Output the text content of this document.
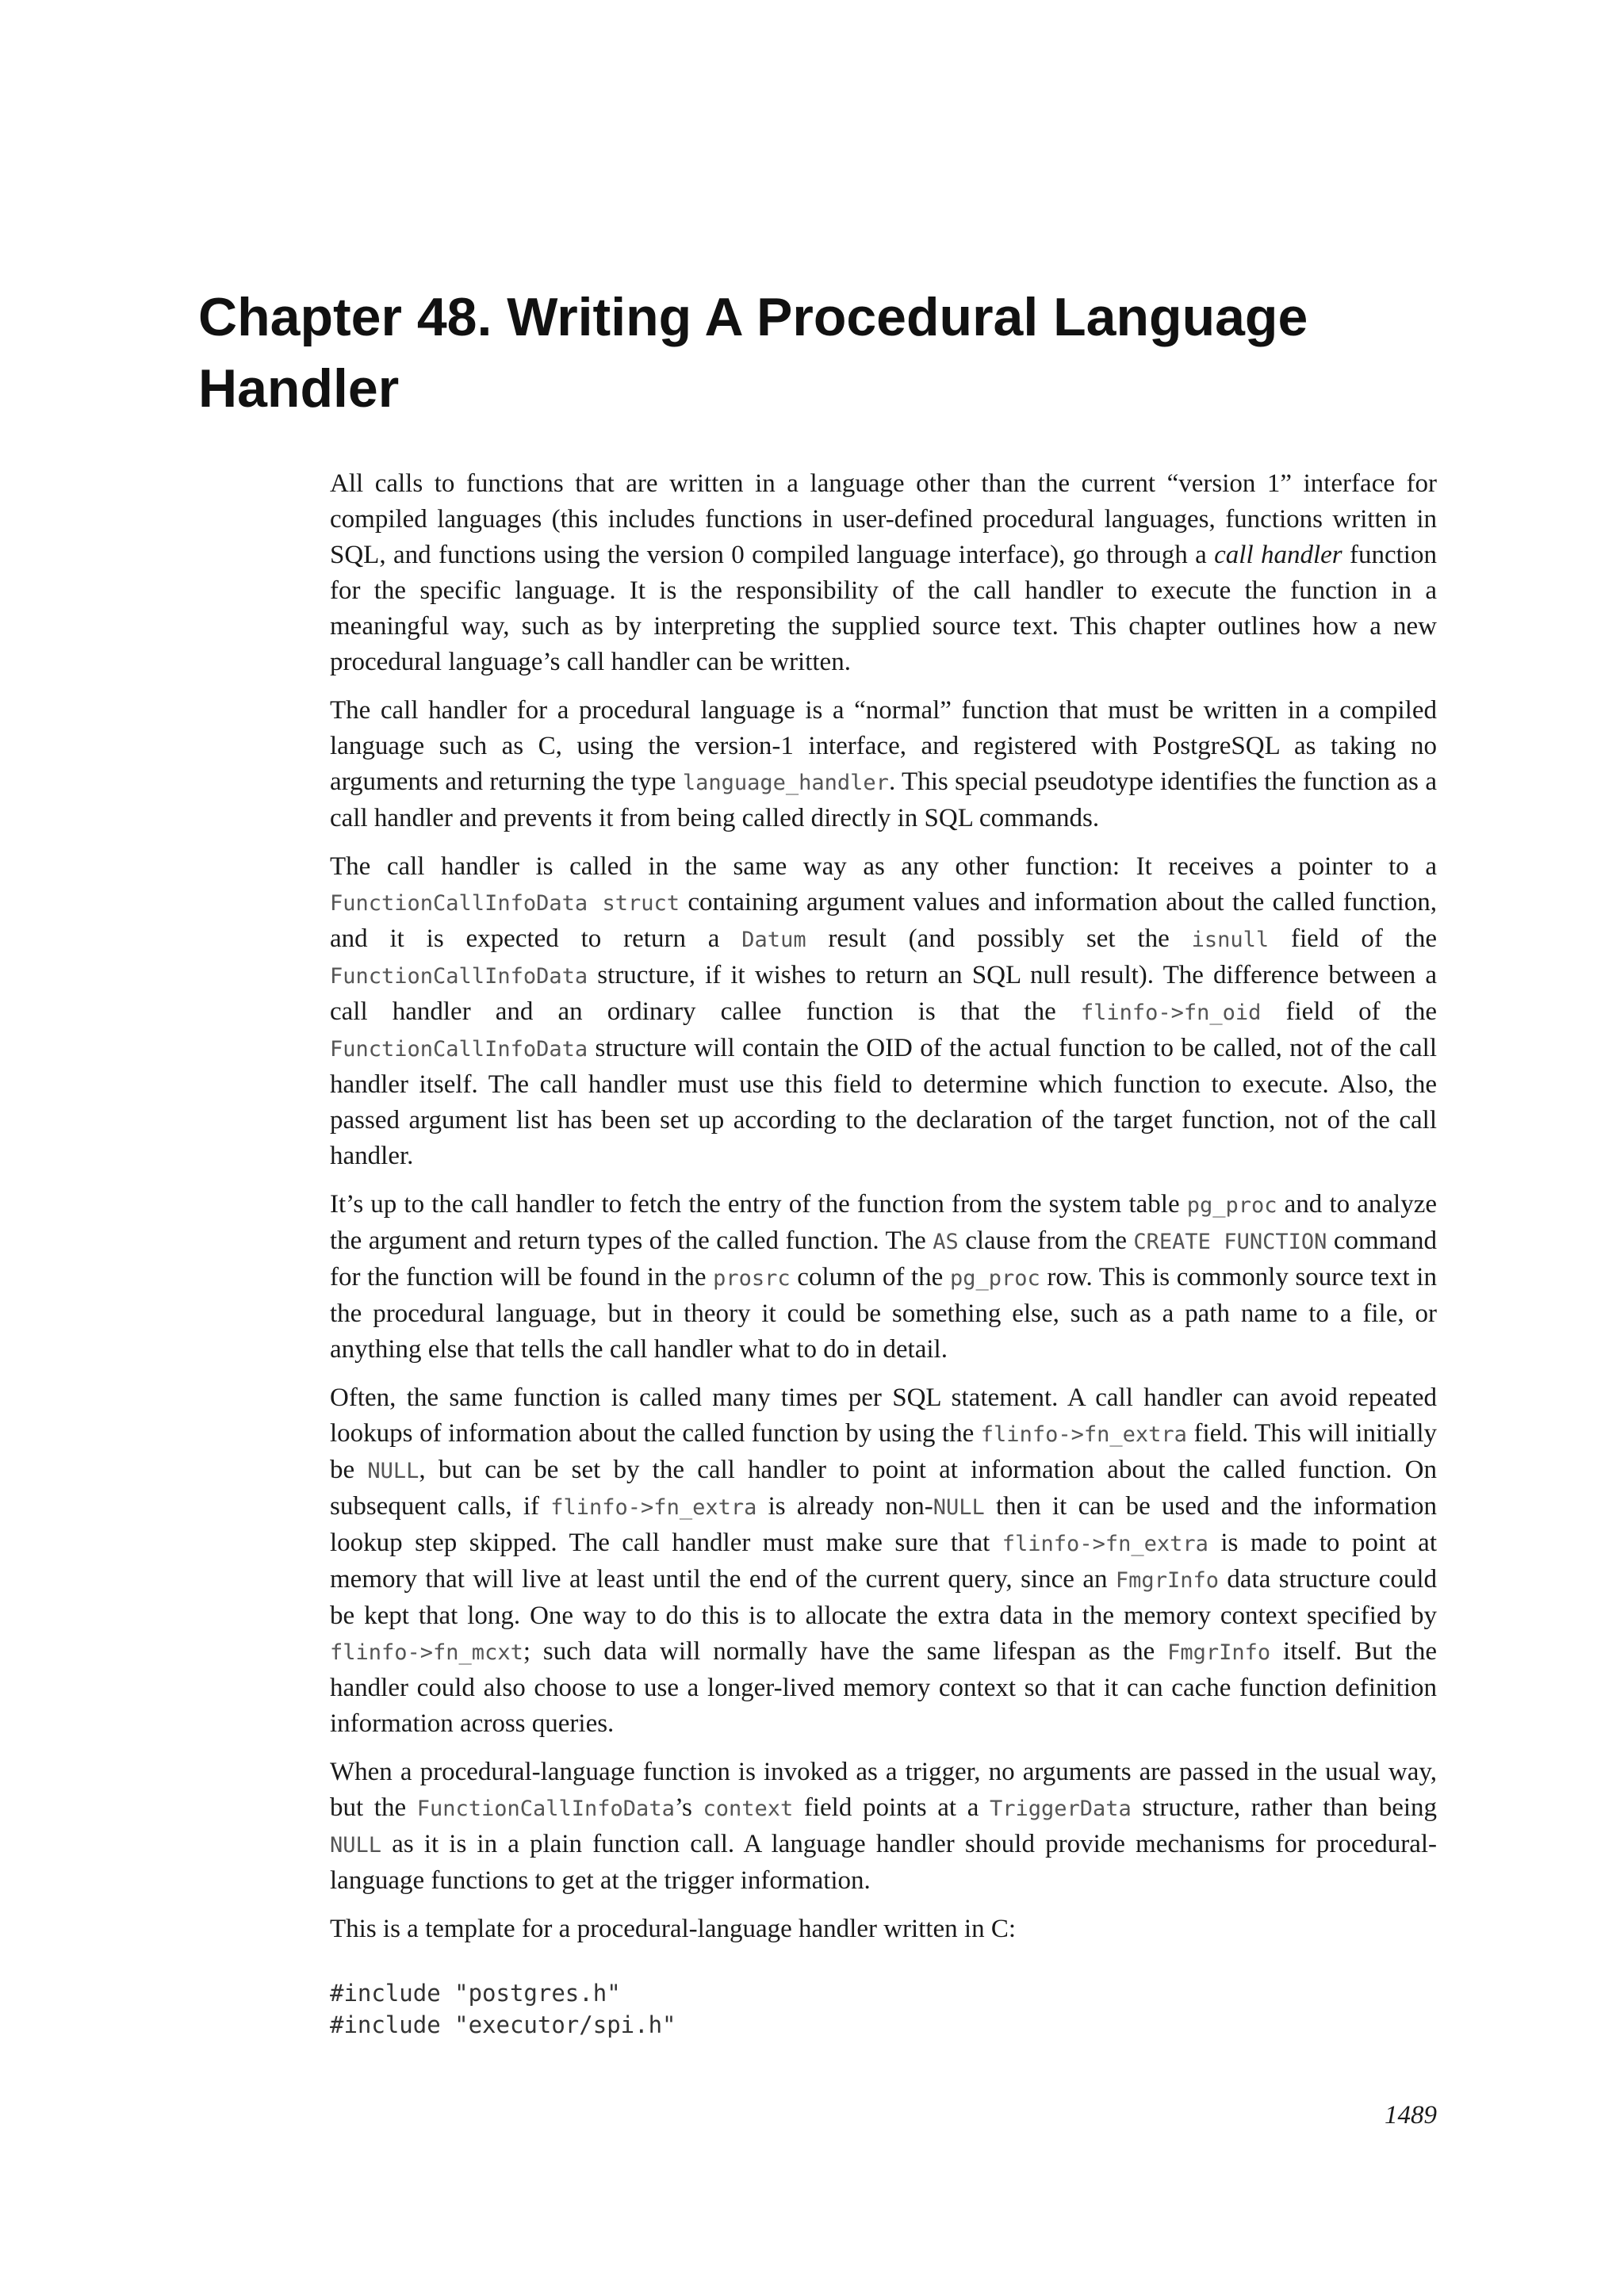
Chapter 48. Writing A Procedural Language Handler

All calls to functions that are written in a language other than the current “version 1” interface for compiled languages (this includes functions in user-defined procedural languages, functions written in SQL, and functions using the version 0 compiled language interface), go through a call handler function for the specific language. It is the responsibility of the call handler to execute the function in a meaningful way, such as by interpreting the supplied source text. This chapter outlines how a new procedural language’s call handler can be written.

The call handler for a procedural language is a “normal” function that must be written in a compiled language such as C, using the version-1 interface, and registered with PostgreSQL as taking no arguments and returning the type language_handler. This special pseudotype identifies the function as a call handler and prevents it from being called directly in SQL commands.

The call handler is called in the same way as any other function: It receives a pointer to a FunctionCallInfoData struct containing argument values and information about the called function, and it is expected to return a Datum result (and possibly set the isnull field of the FunctionCallInfoData structure, if it wishes to return an SQL null result). The difference between a call handler and an ordinary callee function is that the flinfo->fn_oid field of the FunctionCallInfoData structure will contain the OID of the actual function to be called, not of the call handler itself. The call handler must use this field to determine which function to execute. Also, the passed argument list has been set up according to the declaration of the target function, not of the call handler.

It’s up to the call handler to fetch the entry of the function from the system table pg_proc and to analyze the argument and return types of the called function. The AS clause from the CREATE FUNCTION command for the function will be found in the prosrc column of the pg_proc row. This is commonly source text in the procedural language, but in theory it could be something else, such as a path name to a file, or anything else that tells the call handler what to do in detail.

Often, the same function is called many times per SQL statement. A call handler can avoid repeated lookups of information about the called function by using the flinfo->fn_extra field. This will initially be NULL, but can be set by the call handler to point at information about the called function. On subsequent calls, if flinfo->fn_extra is already non-NULL then it can be used and the information lookup step skipped. The call handler must make sure that flinfo->fn_extra is made to point at memory that will live at least until the end of the current query, since an FmgrInfo data structure could be kept that long. One way to do this is to allocate the extra data in the memory context specified by flinfo->fn_mcxt; such data will normally have the same lifespan as the FmgrInfo itself. But the handler could also choose to use a longer-lived memory context so that it can cache function definition information across queries.

When a procedural-language function is invoked as a trigger, no arguments are passed in the usual way, but the FunctionCallInfoData’s context field points at a TriggerData structure, rather than being NULL as it is in a plain function call. A language handler should provide mechanisms for procedural-language functions to get at the trigger information.

This is a template for a procedural-language handler written in C:

#include "postgres.h"
#include "executor/spi.h"
1489
